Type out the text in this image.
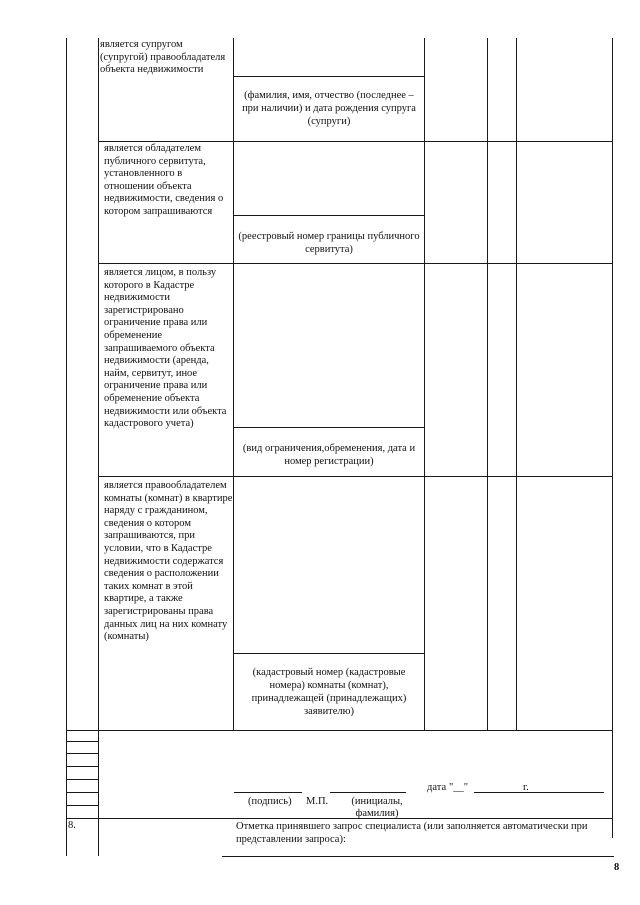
является супругом (супругой) правообладателя объекта недвижимости
(фамилия, имя, отчество (последнее – при наличии) и дата рождения супруга (супруги)
является обладателем публичного сервитута, установленного в отношении объекта недвижимости, сведения о котором запрашиваются
(реестровый номер границы публичного сервитута)
является лицом, в пользу которого в Кадастре недвижимости зарегистрировано ограничение права или обременение запрашиваемого объекта недвижимости (аренда, найм, сервитут, иное ограничение права или обременение объекта недвижимости или объекта кадастрового учета)
(вид ограничения,обременения, дата и номер регистрации)
является правообладателем комнаты (комнат) в квартире наряду с гражданином, сведения о котором запрашиваются, при условии, что в Кадастре недвижимости содержатся сведения о расположении таких комнат в этой квартире, а также зарегистрированы права данных лиц на них комнату (комнаты)
(кадастровый номер (кадастровые номера) комнаты (комнат), принадлежащей (принадлежащих) заявителю)
дата "__"	г.
(подпись) М.П.	(инициалы, фамилия)
8.	Отметка принявшего запрос специалиста (или заполняется автоматически при представлении запроса):
8
